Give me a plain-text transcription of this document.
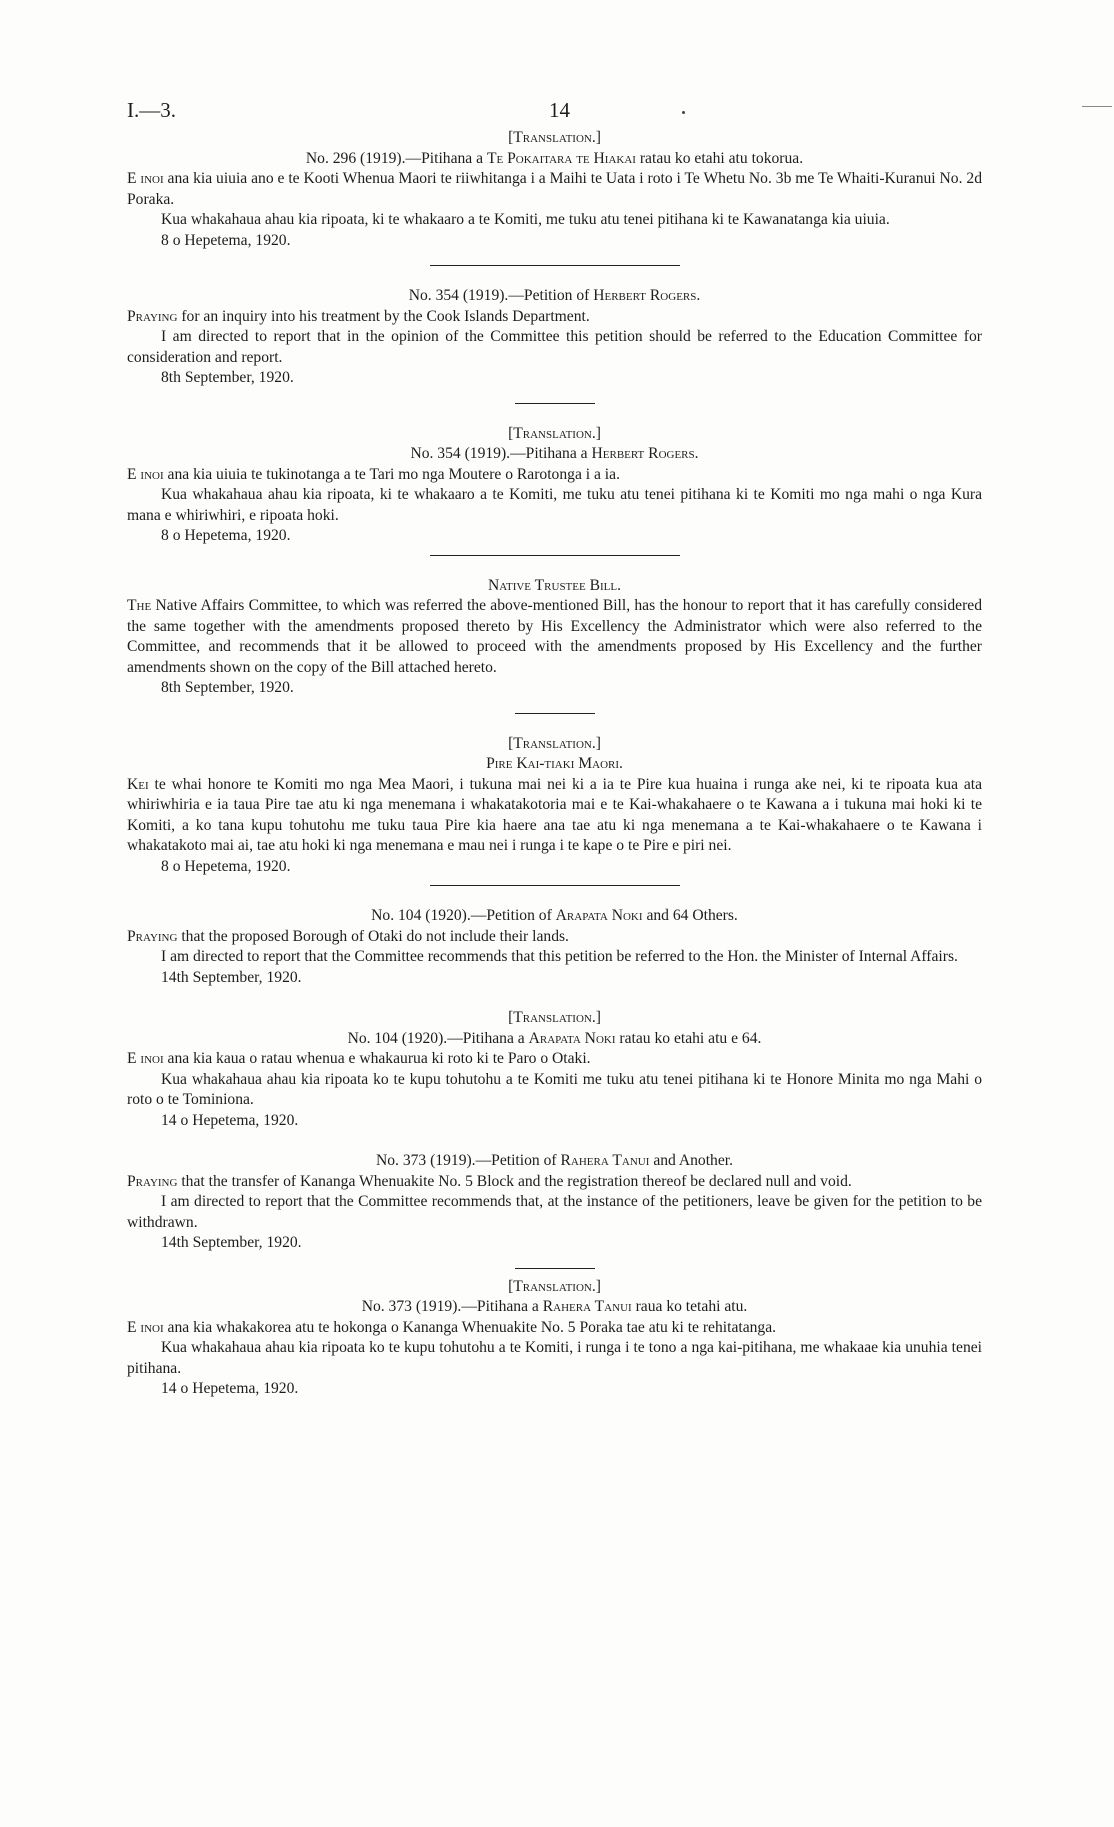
I.—3.	14

[Translation.]

No. 296 (1919).—Pitihana a Te Pokaitara te Hiakai ratau ko etahi atu tokorua.

E inoi ana kia uiuia ano e te Kooti Whenua Maori te riiwhitanga i a Maihi te Uata i roto i Te Whetu No. 3b me Te Whaiti-Kuranui No. 2d Poraka.

Kua whakahaua ahau kia ripoata, ki te whakaaro a te Komiti, me tuku atu tenei pitihana ki te Kawanatanga kia uiuia.

8 o Hepetema, 1920.

No. 354 (1919).—Petition of Herbert Rogers.

Praying for an inquiry into his treatment by the Cook Islands Department.

I am directed to report that in the opinion of the Committee this petition should be referred to the Education Committee for consideration and report.

8th September, 1920.

[Translation.]

No. 354 (1919).—Pitihana a Herbert Rogers.

E inoi ana kia uiuia te tukinotanga a te Tari mo nga Moutere o Rarotonga i a ia.

Kua whakahaua ahau kia ripoata, ki te whakaaro a te Komiti, me tuku atu tenei pitihana ki te Komiti mo nga mahi o nga Kura mana e whiriwhiri, e ripoata hoki.

8 o Hepetema, 1920.

Native Trustee Bill.

The Native Affairs Committee, to which was referred the above-mentioned Bill, has the honour to report that it has carefully considered the same together with the amendments proposed thereto by His Excellency the Administrator which were also referred to the Committee, and recommends that it be allowed to proceed with the amendments proposed by His Excellency and the further amendments shown on the copy of the Bill attached hereto.

8th September, 1920.

[Translation.]

Pire Kai-tiaki Maori.

Kei te whai honore te Komiti mo nga Mea Maori, i tukuna mai nei ki a ia te Pire kua huaina i runga ake nei, ki te ripoata kua ata whiriwhiria e ia taua Pire tae atu ki nga menemana i whakatakotoria mai e te Kai-whakahaere o te Kawana a i tukuna mai hoki ki te Komiti, a ko tana kupu tohutohu me tuku taua Pire kia haere ana tae atu ki nga menemana a te Kai-whakahaere o te Kawana i whakatakoto mai ai, tae atu hoki ki nga menemana e mau nei i runga i te kape o te Pire e piri nei.

8 o Hepetema, 1920.

No. 104 (1920).—Petition of Arapata Noki and 64 Others.

Praying that the proposed Borough of Otaki do not include their lands.

I am directed to report that the Committee recommends that this petition be referred to the Hon. the Minister of Internal Affairs.

14th September, 1920.

[Translation.]

No. 104 (1920).—Pitihana a Arapata Noki ratau ko etahi atu e 64.

E inoi ana kia kaua o ratau whenua e whakaurua ki roto ki te Paro o Otaki.

Kua whakahaua ahau kia ripoata ko te kupu tohutohu a te Komiti me tuku atu tenei pitihana ki te Honore Minita mo nga Mahi o roto o te Tominiona.

14 o Hepetema, 1920.

No. 373 (1919).—Petition of Rahera Tanui and Another.

Praying that the transfer of Kananga Whenuakite No. 5 Block and the registration thereof be declared null and void.

I am directed to report that the Committee recommends that, at the instance of the petitioners, leave be given for the petition to be withdrawn.

14th September, 1920.

[Translation.]

No. 373 (1919).—Pitihana a Rahera Tanui raua ko tetahi atu.

E inoi ana kia whakakorea atu te hokonga o Kananga Whenuakite No. 5 Poraka tae atu ki te rehitatanga.

Kua whakahaua ahau kia ripoata ko te kupu tohutohu a te Komiti, i runga i te tono a nga kai-pitihana, me whakaae kia unuhia tenei pitihana.

14 o Hepetema, 1920.
